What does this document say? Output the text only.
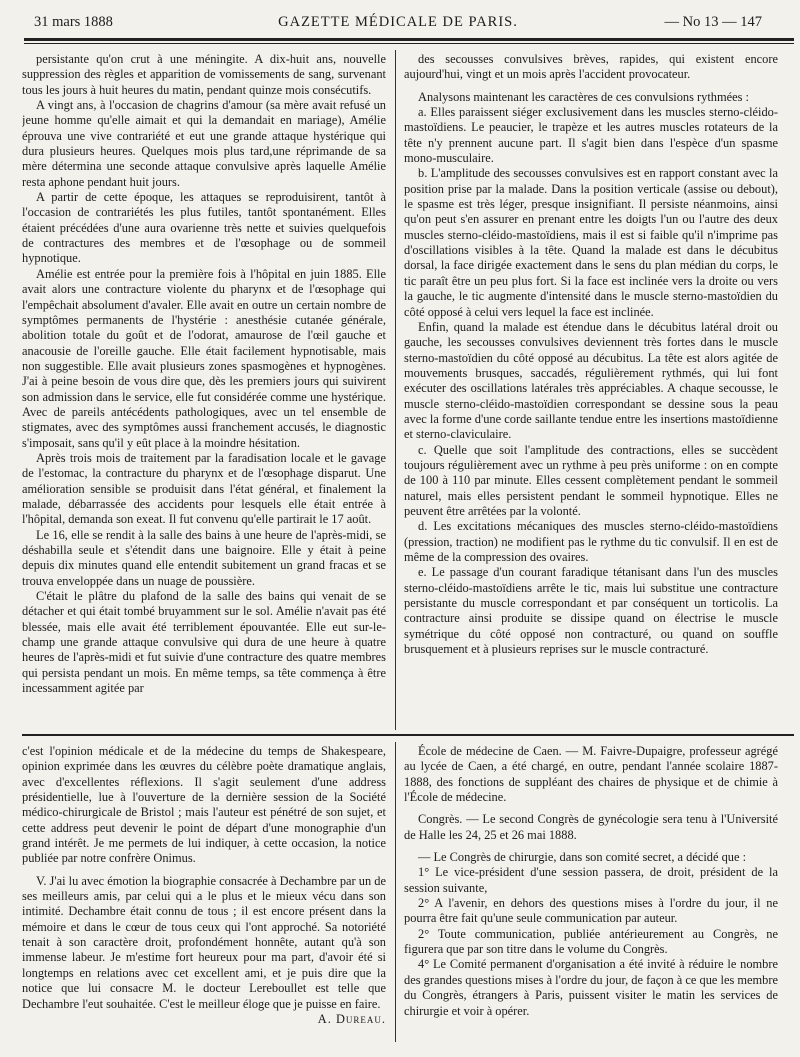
31 mars 1888	GAZETTE MÉDICALE DE PARIS.	— No 13 — 147

persistante qu'on crut à une méningite. A dix-huit ans, nouvelle suppression des règles et apparition de vomissements de sang, survenant tous les jours à huit heures du matin, pendant quinze mois consécutifs.

A vingt ans, à l'occasion de chagrins d'amour (sa mère avait refusé un jeune homme qu'elle aimait et qui la demandait en mariage), Amélie éprouva une vive contrariété et eut une grande attaque hystérique qui dura plusieurs heures. Quelques mois plus tard,une réprimande de sa mère détermina une seconde attaque convulsive après laquelle Amélie resta aphone pendant huit jours.

A partir de cette époque, les attaques se reproduisirent, tantôt à l'occasion de contrariétés les plus futiles, tantôt spontanément. Elles étaient précédées d'une aura ovarienne très nette et suivies quelquefois de contractures des membres et de l'œsophage ou de sommeil hypnotique.

Amélie est entrée pour la première fois à l'hôpital en juin 1885. Elle avait alors une contracture violente du pharynx et de l'œsophage qui l'empêchait absolument d'avaler. Elle avait en outre un certain nombre de symptômes permanents de l'hystérie : anesthésie cutanée générale, abolition totale du goût et de l'odorat, amaurose de l'œil gauche et anacousie de l'oreille gauche. Elle était facilement hypnotisable, mais non suggestible. Elle avait plusieurs zones spasmogènes et hypnogènes. J'ai à peine besoin de vous dire que, dès les premiers jours qui suivirent son admission dans le service, elle fut considérée comme une hystérique. Avec de pareils antécédents pathologiques, avec un tel ensemble de stigmates, avec des symptômes aussi franchement accusés, le diagnostic s'imposait, sans qu'il y eût place à la moindre hésitation.

Après trois mois de traitement par la faradisation locale et le gavage de l'estomac, la contracture du pharynx et de l'œsophage disparut. Une amélioration sensible se produisit dans l'état général, et finalement la malade, débarrassée des accidents pour lesquels elle était entrée à l'hôpital, demanda son exeat. Il fut convenu qu'elle partirait le 17 août.

Le 16, elle se rendit à la salle des bains à une heure de l'après-midi, se déshabilla seule et s'étendit dans une baignoire. Elle y était à peine depuis dix minutes quand elle entendit subitement un grand fracas et se trouva enveloppée dans un nuage de poussière.

C'était le plâtre du plafond de la salle des bains qui venait de se détacher et qui était tombé bruyamment sur le sol. Amélie n'avait pas été blessée, mais elle avait été terriblement épouvantée. Elle eut sur-le-champ une grande attaque convulsive qui dura de une heure à quatre heures de l'après-midi et fut suivie d'une contracture des quatre membres qui persista pendant un mois. En même temps, sa tête commença à être incessamment agitée par

des secousses convulsives brèves, rapides, qui existent encore aujourd'hui, vingt et un mois après l'accident provocateur.

Analysons maintenant les caractères de ces convulsions rythmées :

a. Elles paraissent siéger exclusivement dans les muscles sterno-cléido-mastoïdiens. Le peaucier, le trapèze et les autres muscles rotateurs de la tête n'y prennent aucune part. Il s'agit bien dans l'espèce d'un spasme mono-musculaire.

b. L'amplitude des secousses convulsives est en rapport constant avec la position prise par la malade. Dans la position verticale (assise ou debout), le spasme est très léger, presque insignifiant. Il persiste néanmoins, ainsi qu'on peut s'en assurer en prenant entre les doigts l'un ou l'autre des deux muscles sterno-cléido-mastoïdiens, mais il est si faible qu'il n'imprime pas d'oscillations visibles à la tête. Quand la malade est dans le décubitus dorsal, la face dirigée exactement dans le sens du plan médian du corps, le tic paraît être un peu plus fort. Si la face est inclinée vers la droite ou vers la gauche, le tic augmente d'intensité dans le muscle sterno-mastoïdien du côté opposé à celui vers lequel la face est inclinée.

Enfin, quand la malade est étendue dans le décubitus latéral droit ou gauche, les secousses convulsives deviennent très fortes dans le muscle sterno-mastoïdien du côté opposé au décubitus. La tête est alors agitée de mouvements brusques, saccadés, régulièrement rythmés, qui lui font exécuter des oscillations latérales très appréciables. A chaque secousse, le muscle sterno-cléido-mastoïdien correspondant se dessine sous la peau avec la forme d'une corde saillante tendue entre les insertions mastoïdienne et sterno-claviculaire.

c. Quelle que soit l'amplitude des contractions, elles se succèdent toujours régulièrement avec un rythme à peu près uniforme : on en compte de 100 à 110 par minute. Elles cessent complètement pendant le sommeil naturel, mais elles persistent pendant le sommeil hypnotique. Elles ne peuvent être arrêtées par la volonté.

d. Les excitations mécaniques des muscles sterno-cléido-mastoïdiens (pression, traction) ne modifient pas le rythme du tic convulsif. Il en est de même de la compression des ovaires.

e. Le passage d'un courant faradique tétanisant dans l'un des muscles sterno-cléido-mastoïdiens arrête le tic, mais lui substitue une contracture persistante du muscle correspondant et par conséquent un torticolis. La contracture ainsi produite se dissipe quand on électrise le muscle symétrique du côté opposé non contracturé, ou quand on souffle brusquement et à plusieurs reprises sur le muscle contracturé.

c'est l'opinion médicale et de la médecine du temps de Shakespeare, opinion exprimée dans les œuvres du célèbre poète dramatique anglais, avec d'excellentes réflexions. Il s'agit seulement d'une address présidentielle, lue à l'ouverture de la dernière session de la Société médico-chirurgicale de Bristol ; mais l'auteur est pénétré de son sujet, et cette address peut devenir le point de départ d'une monographie d'un grand intérêt. Je me permets de lui indiquer, à cette occasion, la notice publiée par notre confrère Onimus.

V. J'ai lu avec émotion la biographie consacrée à Dechambre par un de ses meilleurs amis, par celui qui a le plus et le mieux vécu dans son intimité. Dechambre était connu de tous ; il est encore présent dans la mémoire et dans le cœur de tous ceux qui l'ont approché. Sa notoriété tenait à son caractère droit, profondément honnête, autant qu'à son immense labeur. Je m'estime fort heureux pour ma part, d'avoir été si longtemps en relations avec cet excellent ami, et je puis dire que la notice que lui consacre M. le docteur Lereboullet est telle que Dechambre l'eut souhaitée. C'est le meilleur éloge que je puisse en faire.

A. Dureau.

École de médecine de Caen. — M. Faivre-Dupaigre, professeur agrégé au lycée de Caen, a été chargé, en outre, pendant l'année scolaire 1887-1888, des fonctions de suppléant des chaires de physique et de chimie à l'École de médecine.

Congrès. — Le second Congrès de gynécologie sera tenu à l'Université de Halle les 24, 25 et 26 mai 1888.

— Le Congrès de chirurgie, dans son comité secret, a décidé que :

1° Le vice-président d'une session passera, de droit, président de la session suivante,

2° A l'avenir, en dehors des questions mises à l'ordre du jour, il ne pourra être fait qu'une seule communication par auteur.

2° Toute communication, publiée antérieurement au Congrès, ne figurera que par son titre dans le volume du Congrès.

4° Le Comité permanent d'organisation a été invité à réduire le nombre des grandes questions mises à l'ordre du jour, de façon à ce que les membre du Congrès, étrangers à Paris, puissent visiter le matin les services de chirurgie et voir à opérer.
